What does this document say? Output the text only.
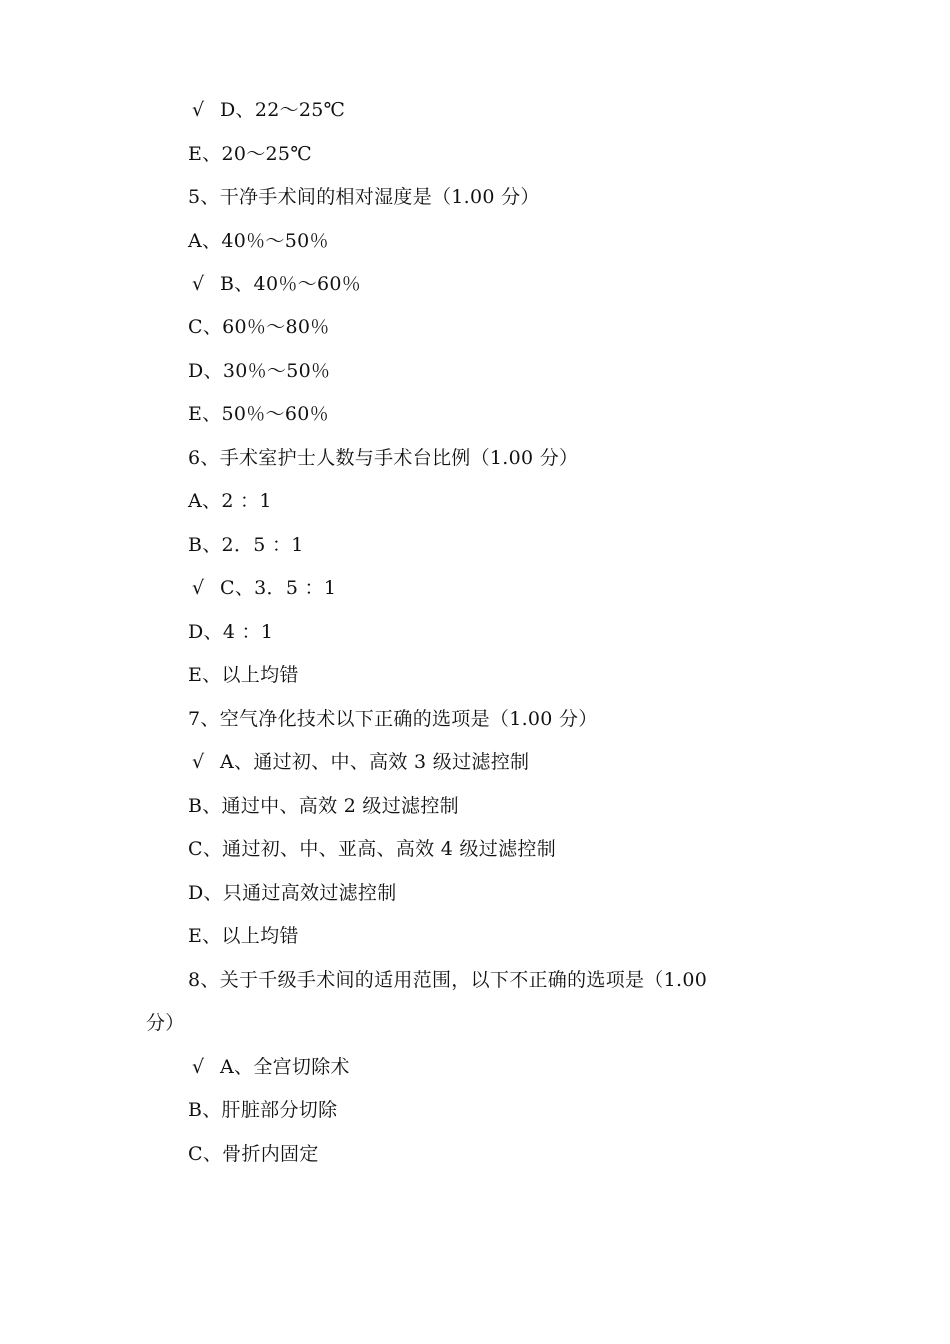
√ D、22～25℃
E、20～25℃
5、干净手术间的相对湿度是（1.00 分）
A、40％～50％
√ B、40％～60％
C、60％～80％
D、30％～50％
E、50％～60％
6、手术室护士人数与手术台比例（1.00 分）
A、2 ：1
B、2．5 ：1
√ C、3．5 ：1
D、4 ：1
E、以上均错
7、空气净化技术以下正确的选项是（1.00 分）
√ A、通过初、中、高效 3 级过滤控制
B、通过中、高效 2 级过滤控制
C、通过初、中、亚高、高效 4 级过滤控制
D、只通过高效过滤控制
E、以上均错
8、关于千级手术间的适用范围，以下不正确的选项是（1.00
分）
√ A、全宫切除术
B、肝脏部分切除
C、骨折内固定
